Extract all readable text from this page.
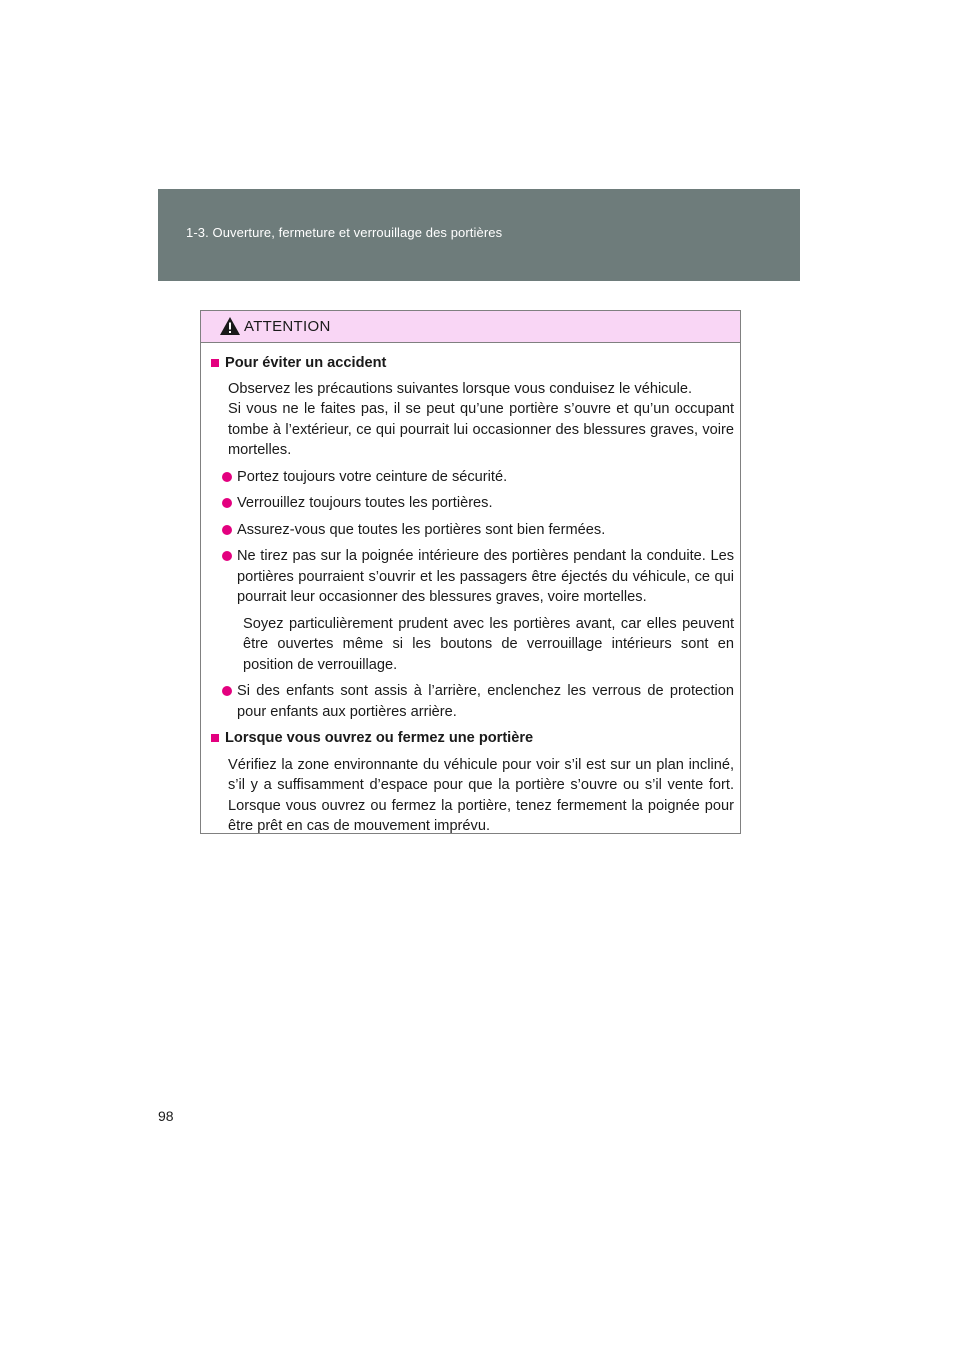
1-3. Ouverture, fermeture et verrouillage des portières
ATTENTION
Pour éviter un accident
Observez les précautions suivantes lorsque vous conduisez le véhicule.
Si vous ne le faites pas, il se peut qu’une portière s’ouvre et qu’un occupant tombe à l’extérieur, ce qui pourrait lui occasionner des blessures graves, voire mortelles.
Portez toujours votre ceinture de sécurité.
Verrouillez toujours toutes les portières.
Assurez-vous que toutes les portières sont bien fermées.
Ne tirez pas sur la poignée intérieure des portières pendant la conduite. Les portières pourraient s’ouvrir et les passagers être éjectés du véhicule, ce qui pourrait leur occasionner des blessures graves, voire mortelles.
Soyez particulièrement prudent avec les portières avant, car elles peuvent être ouvertes même si les boutons de verrouillage intérieurs sont en position de verrouillage.
Si des enfants sont assis à l’arrière, enclenchez les verrous de protection pour enfants aux portières arrière.
Lorsque vous ouvrez ou fermez une portière
Vérifiez la zone environnante du véhicule pour voir s’il est sur un plan incliné, s’il y a suffisamment d’espace pour que la portière s’ouvre ou s’il vente fort. Lorsque vous ouvrez ou fermez la portière, tenez fermement la poignée pour être prêt en cas de mouvement imprévu.
98
